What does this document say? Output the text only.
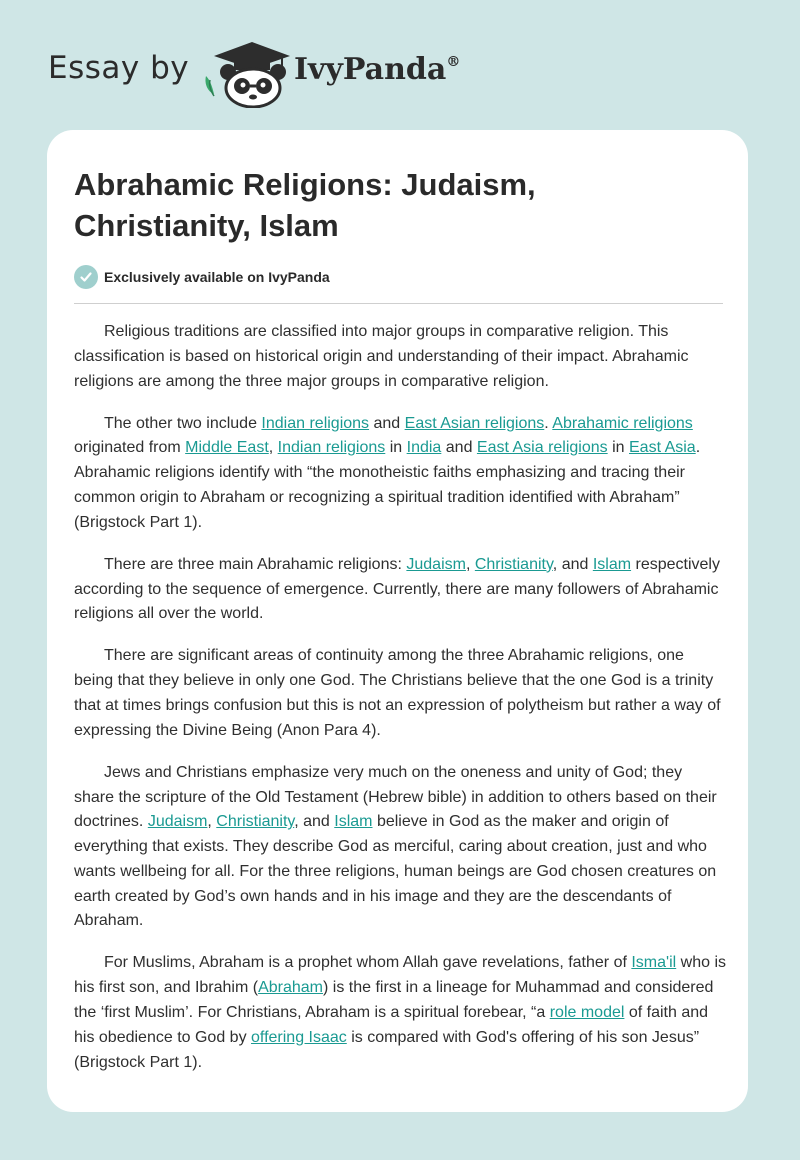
Essay by	IvyPanda®
Abrahamic Religions: Judaism, Christianity, Islam
Exclusively available on IvyPanda

Religious traditions are classified into major groups in comparative religion. This classification is based on historical origin and understanding of their impact. Abrahamic religions are among the three major groups in comparative religion.

The other two include Indian religions and East Asian religions. Abrahamic religions originated from Middle East, Indian religions in India and East Asia religions in East Asia. Abrahamic religions identify with “the monotheistic faiths emphasizing and tracing their common origin to Abraham or recognizing a spiritual tradition identified with Abraham” (Brigstock Part 1).

There are three main Abrahamic religions: Judaism, Christianity, and Islam respectively according to the sequence of emergence. Currently, there are many followers of Abrahamic religions all over the world.

There are significant areas of continuity among the three Abrahamic religions, one being that they believe in only one God. The Christians believe that the one God is a trinity that at times brings confusion but this is not an expression of polytheism but rather a way of expressing the Divine Being (Anon Para 4).

Jews and Christians emphasize very much on the oneness and unity of God; they share the scripture of the Old Testament (Hebrew bible) in addition to others based on their doctrines. Judaism, Christianity, and Islam believe in God as the maker and origin of everything that exists. They describe God as merciful, caring about creation, just and who wants wellbeing for all. For the three religions, human beings are God chosen creatures on earth created by God’s own hands and in his image and they are the descendants of Abraham.

For Muslims, Abraham is a prophet whom Allah gave revelations, father of Isma'il who is his first son, and Ibrahim (Abraham) is the first in a lineage for Muhammad and considered the ‘first Muslim’. For Christians, Abraham is a spiritual forebear, “a role model of faith and his obedience to God by offering Isaac is compared with God's offering of his son Jesus” (Brigstock Part 1).
